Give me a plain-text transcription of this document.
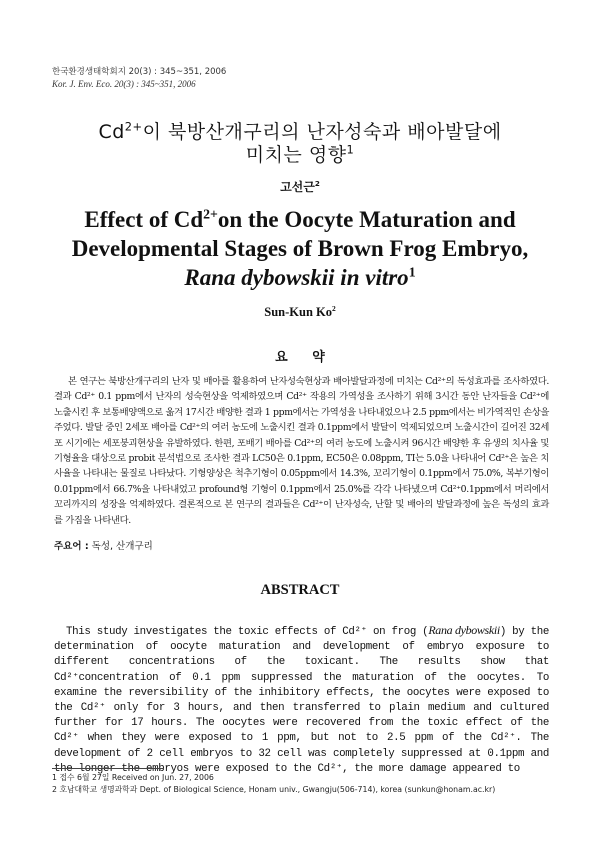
한국환경생태학회지 20(3) : 345~351, 2006
Kor. J. Env. Eco. 20(3) : 345~351, 2006
$Cd^{2+}$이 북방산개구리의 난자성숙과 배아발달에
미치는 영향$^1$
고선근$^2$
Effect of $Cd^{2+}on$ the Oocyte Maturation and
Developmental Stages of Brown Frog Embryo,
Rana dybowskii in vitro$^1$
Sun-Kun Ko$^2$
요 약
본 연구는 북방산개구리의 난자 및 배아를 활용하여 난자성숙현상과 배아발달과정에 미치는 Cd²⁺의 독성효과를 조사하였다. 결과 Cd²⁺ 0.1 ppm에서 난자의 성숙현상을 억제하였으며 Cd²⁺ 작용의 가역성을 조사하기 위해 3시간 동안 난자들을 Cd²⁺에 노출시킨 후 보통배양액으로 옮겨 17시간 배양한 결과 1 ppm에서는 가역성을 나타내었으나 2.5 ppm에서는 비가역적인 손상을 주었다. 발달 중인 2세포 배아를 Cd²⁺의 여러 농도에 노출시킨 결과 0.1ppm에서 발달이 억제되었으며 노출시간이 길어진 32세포 시기에는 세포붕괴현상을 유발하였다. 한편, 포배기 배아를 Cd²⁺의 여러 농도에 노출시켜 96시간 배양한 후 유생의 치사율 및 기형율을 대상으로 probit 분석법으로 조사한 결과 LC50은 0.1ppm, EC50은 0.08ppm, TI는 5.0을 나타내어 Cd²⁺은 높은 치사율을 나타내는 물질로 나타났다. 기형양상은 척추기형이 0.05ppm에서 14.3%, 꼬리기형이 0.1ppm에서 75.0%, 복부기형이 0.01ppm에서 66.7%을 나타내었고 profound형 기형이 0.1ppm에서 25.0%를 각각 나타냈으며 Cd²⁺0.1ppm에서 머리에서 꼬리까지의 성장을 억제하였다. 결론적으로 본 연구의 결과들은 Cd²⁺이 난자성숙, 난할 및 배아의 발달과정에 높은 독성의 효과를 가짐을 나타낸다.
주요어 : 독성, 산개구리
ABSTRACT
This study investigates the toxic effects of Cd²⁺ on frog (Rana dybowskii) by the determination of oocyte maturation and development of embryo exposure to different concentrations of the toxicant. The results show that Cd²⁺concentration of 0.1 ppm suppressed the maturation of the oocytes. To examine the reversibility of the inhibitory effects, the oocytes were exposed to the Cd²⁺ only for 3 hours, and then transferred to plain medium and cultured further for 17 hours. The oocytes were recovered from the toxic effect of the Cd²⁺ when they were exposed to 1 ppm, but not to 2.5 ppm of the Cd²⁺. The development of 2 cell embryos to 32 cell was completely suppressed at 0.1ppm and the longer the embryos were exposed to the Cd²⁺, the more damage appeared to
1 접수 6월 27일 Received on Jun. 27, 2006
2 호남대학교 생명과학과 Dept. of Biological Science, Honam univ., Gwangju(506-714), korea (sunkun@honam.ac.kr)
